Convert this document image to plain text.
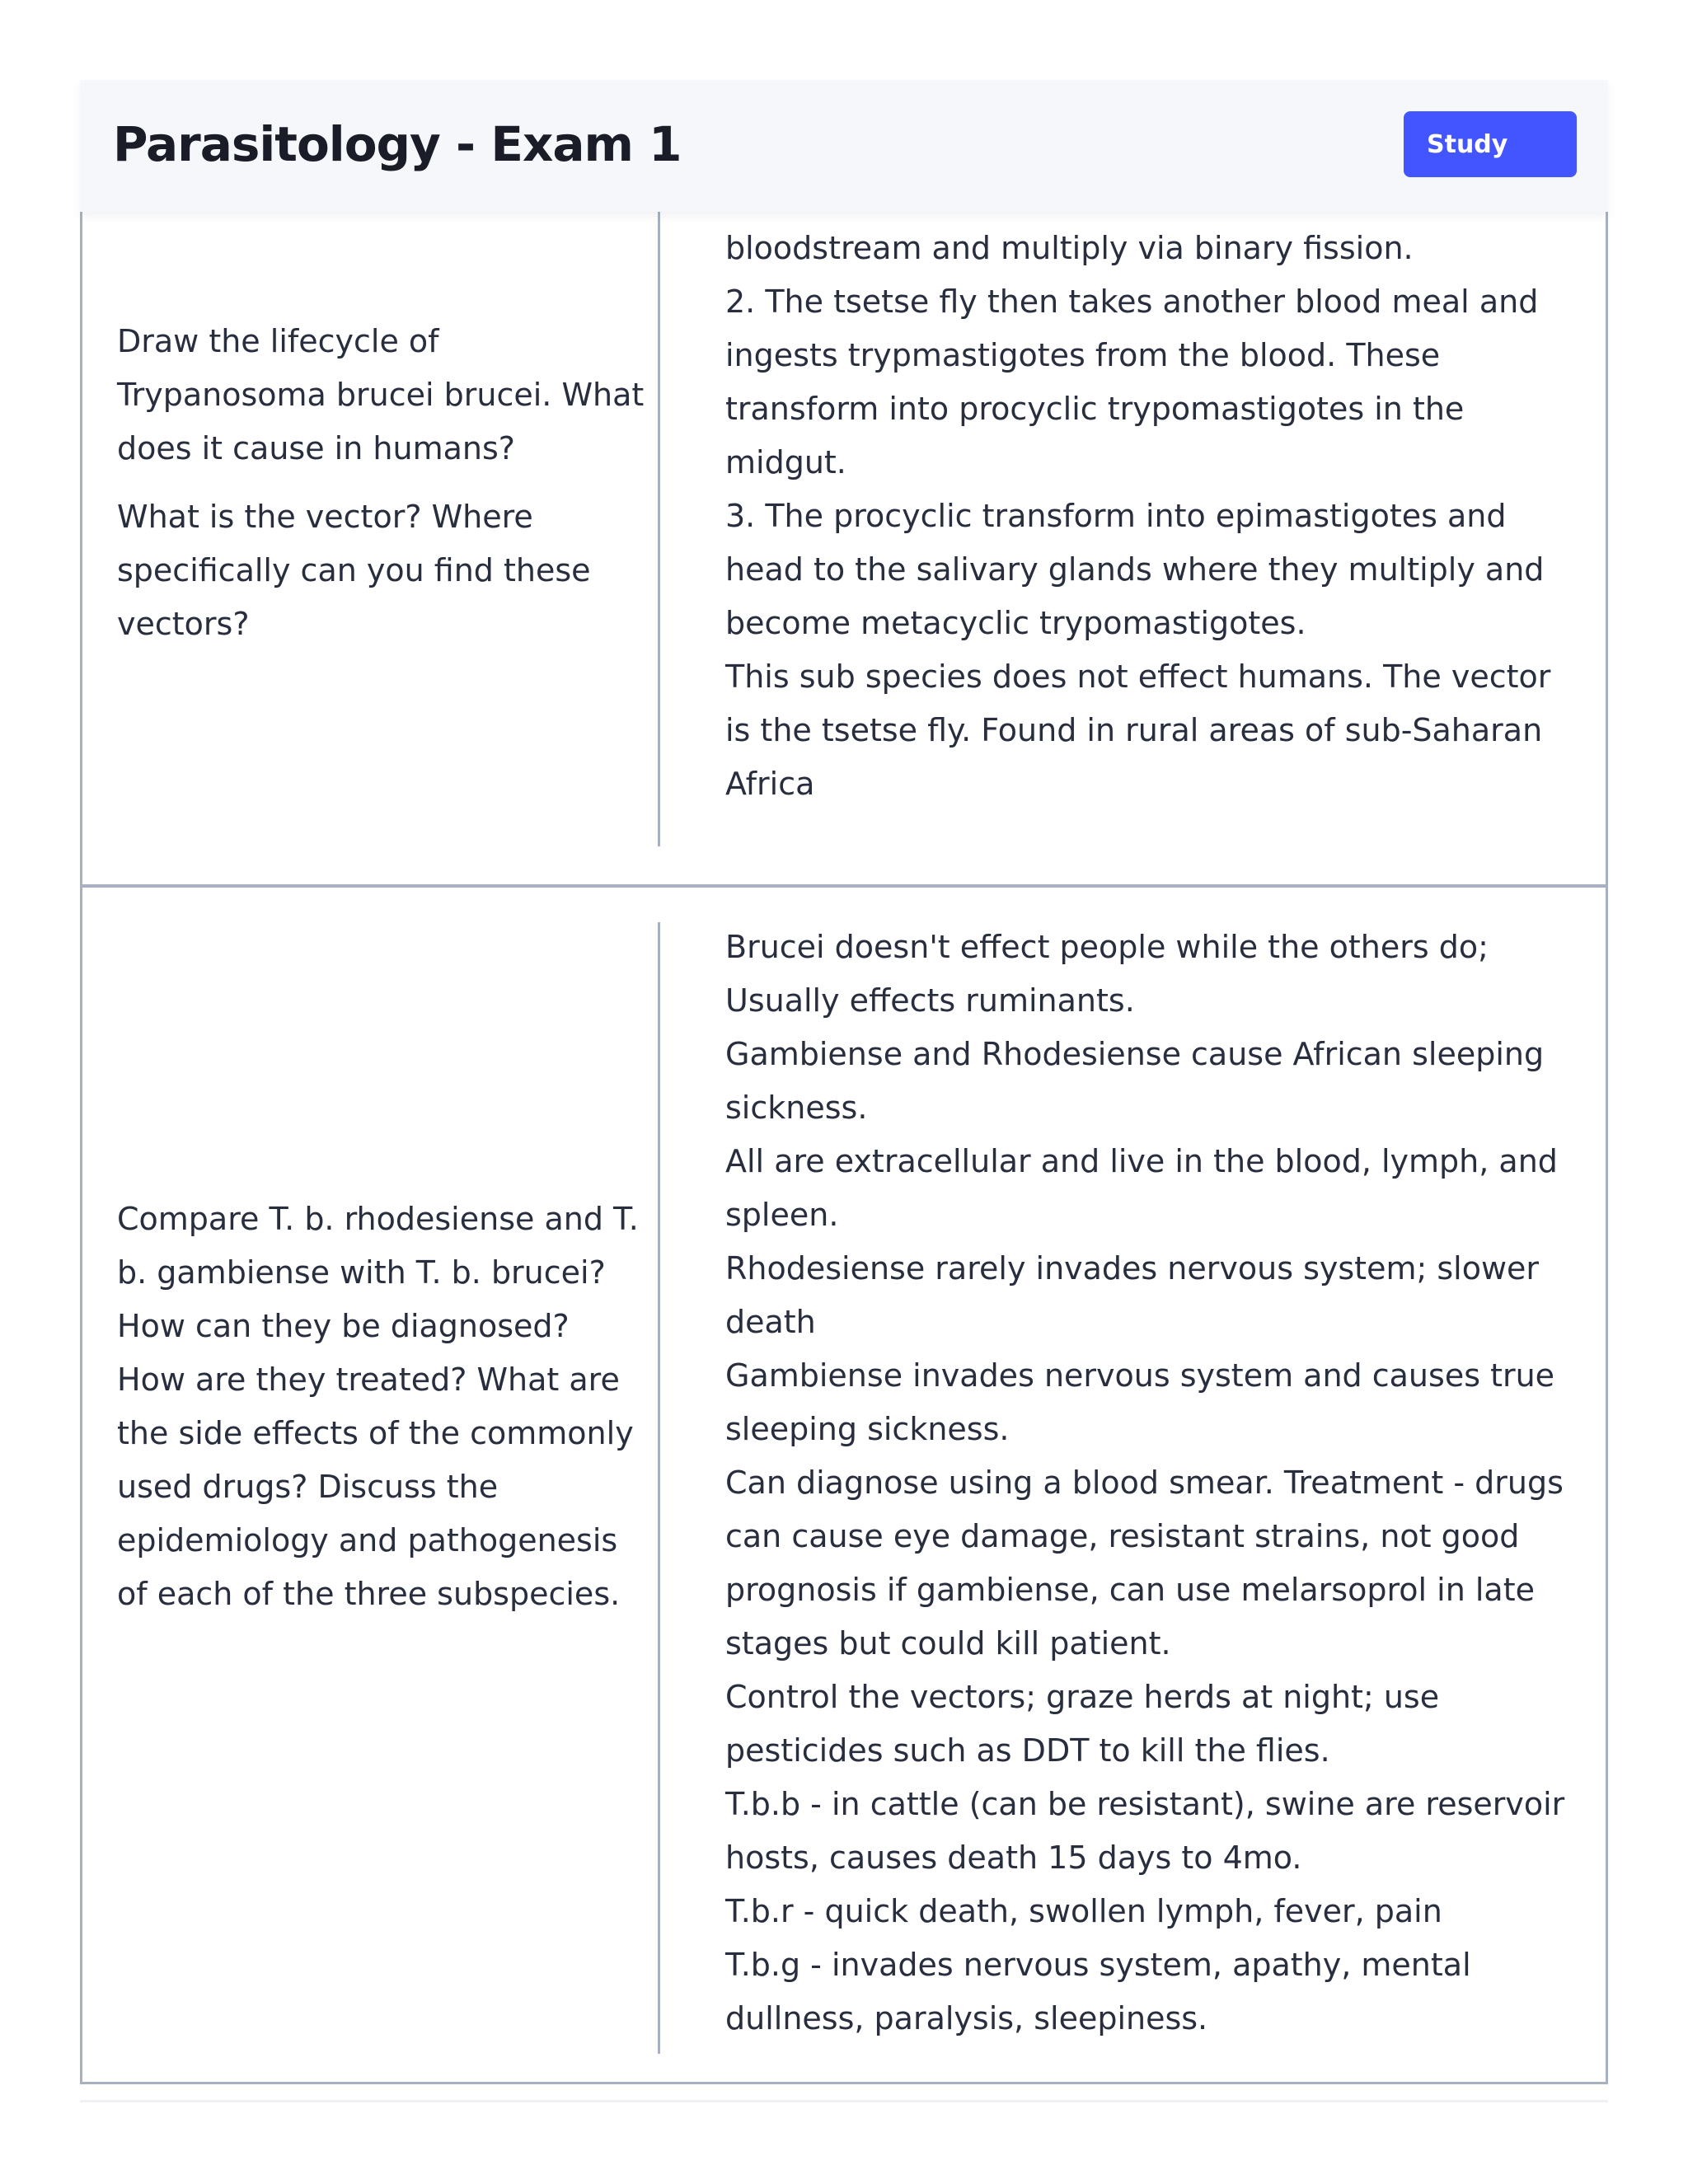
Parasitology - Exam 1	Study

Draw the lifecycle of Trypanosoma brucei brucei. What does it cause in humans?

What is the vector? Where specifically can you find these vectors?

bloodstream and multiply via binary fission.

2. The tsetse fly then takes another blood meal and ingests trypmastigotes from the blood. These transform into procyclic trypomastigotes in the midgut.

3. The procyclic transform into epimastigotes and head to the salivary glands where they multiply and become metacyclic trypomastigotes.

This sub species does not effect humans. The vector is the tsetse fly. Found in rural areas of sub-Saharan Africa

Compare T. b. rhodesiense and T. b. gambiense with T. b. brucei? How can they be diagnosed? How are they treated? What are the side effects of the commonly used drugs? Discuss the epidemiology and pathogenesis of each of the three subspecies.

Brucei doesn't effect people while the others do; Usually effects ruminants.

Gambiense and Rhodesiense cause African sleeping sickness.

All are extracellular and live in the blood, lymph, and spleen.

Rhodesiense rarely invades nervous system; slower death

Gambiense invades nervous system and causes true sleeping sickness.

Can diagnose using a blood smear. Treatment - drugs can cause eye damage, resistant strains, not good prognosis if gambiense, can use melarsoprol in late stages but could kill patient.

Control the vectors; graze herds at night; use pesticides such as DDT to kill the flies.

T.b.b - in cattle (can be resistant), swine are reservoir hosts, causes death 15 days to 4mo.

T.b.r - quick death, swollen lymph, fever, pain

T.b.g - invades nervous system, apathy, mental dullness, paralysis, sleepiness.
